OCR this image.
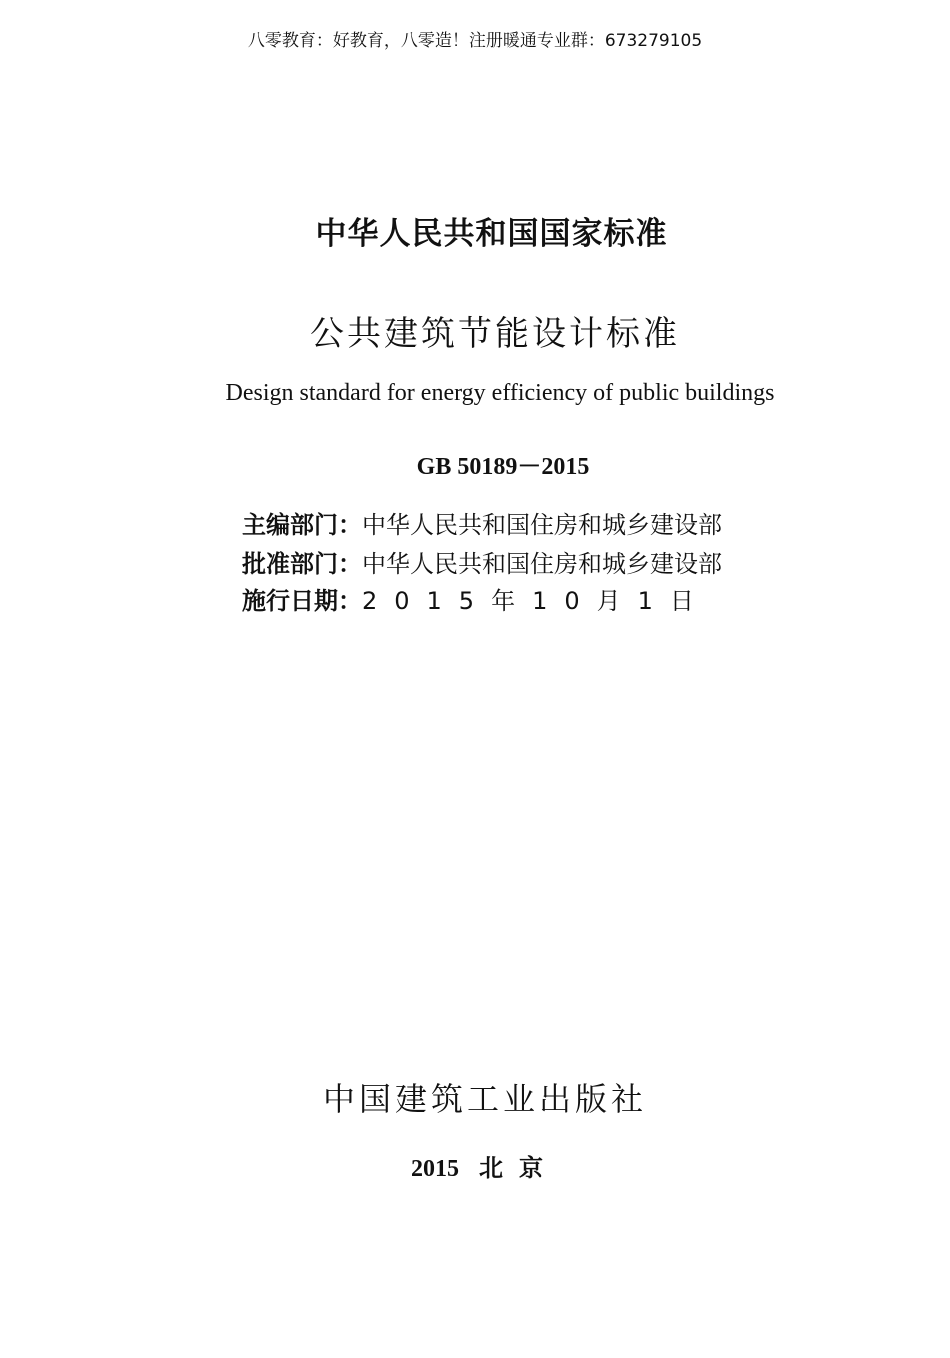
八零教育：好教育，八零造！注册暖通专业群：673279105
中华人民共和国国家标准
公共建筑节能设计标准
Design standard for energy efficiency of public buildings
GB 50189－2015
主编部门： 中华人民共和国住房和城乡建设部
批准部门： 中华人民共和国住房和城乡建设部
施行日期： 2015年10月1日
中国建筑工业出版社
2015 北京
